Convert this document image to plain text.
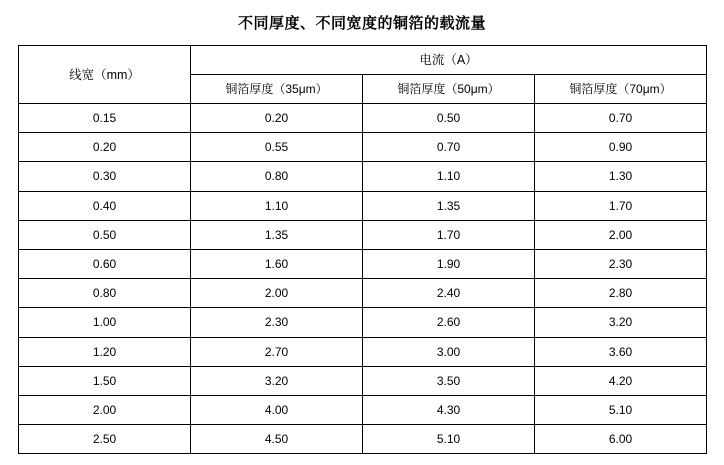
不同厚度、不同宽度的铜箔的载流量
线宽（mm）	电流（A）		
	铜箔厚度（35μm）	铜箔厚度（50μm）	铜箔厚度（70μm）
0.15	0.20	0.50	0.70
0.20	0.55	0.70	0.90
0.30	0.80	1.10	1.30
0.40	1.10	1.35	1.70
0.50	1.35	1.70	2.00
0.60	1.60	1.90	2.30
0.80	2.00	2.40	2.80
1.00	2.30	2.60	3.20
1.20	2.70	3.00	3.60
1.50	3.20	3.50	4.20
2.00	4.00	4.30	5.10
2.50	4.50	5.10	6.00
